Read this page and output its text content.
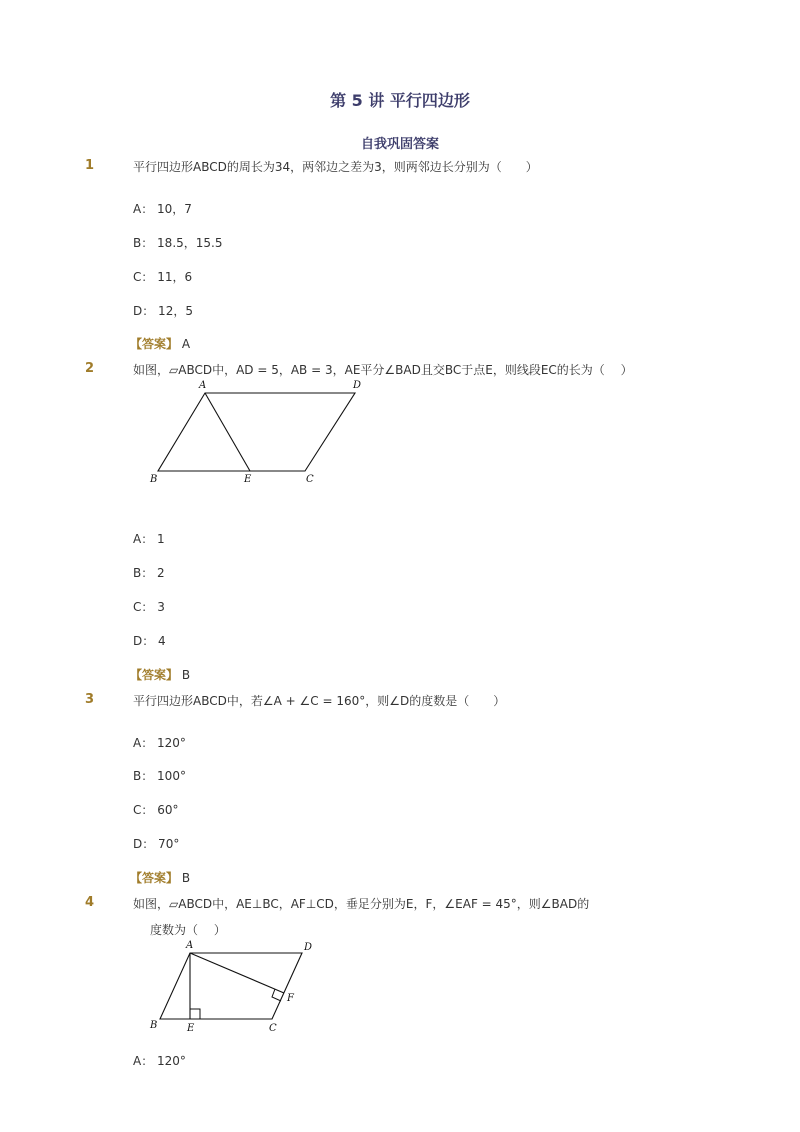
第 5 讲 平行四边形
自我巩固答案
1	平行四边形ABCD的周长为34，两邻边之差为3，则两邻边长分别为（　　）
A： 10，7
B： 18.5，15.5
C： 11，6
D： 12，5
【答案】 A
2	如图，▱ABCD中，AD = 5，AB = 3，AE平分∠BAD且交BC于点E，则线段EC的长为（　 ）
A	D
B	E	C
A： 1
B： 2
C： 3
D： 4
【答案】 B
3	平行四边形ABCD中，若∠A + ∠C = 160°，则∠D的度数是（　　）
A： 120°
B： 100°
C： 60°
D： 70°
【答案】 B
4	如图，▱ABCD中，AE⊥BC，AF⊥CD，垂足分别为E，F，∠EAF = 45°，则∠BAD的
度数为（　 ）
A	D
F
B	E	C
A： 120°
